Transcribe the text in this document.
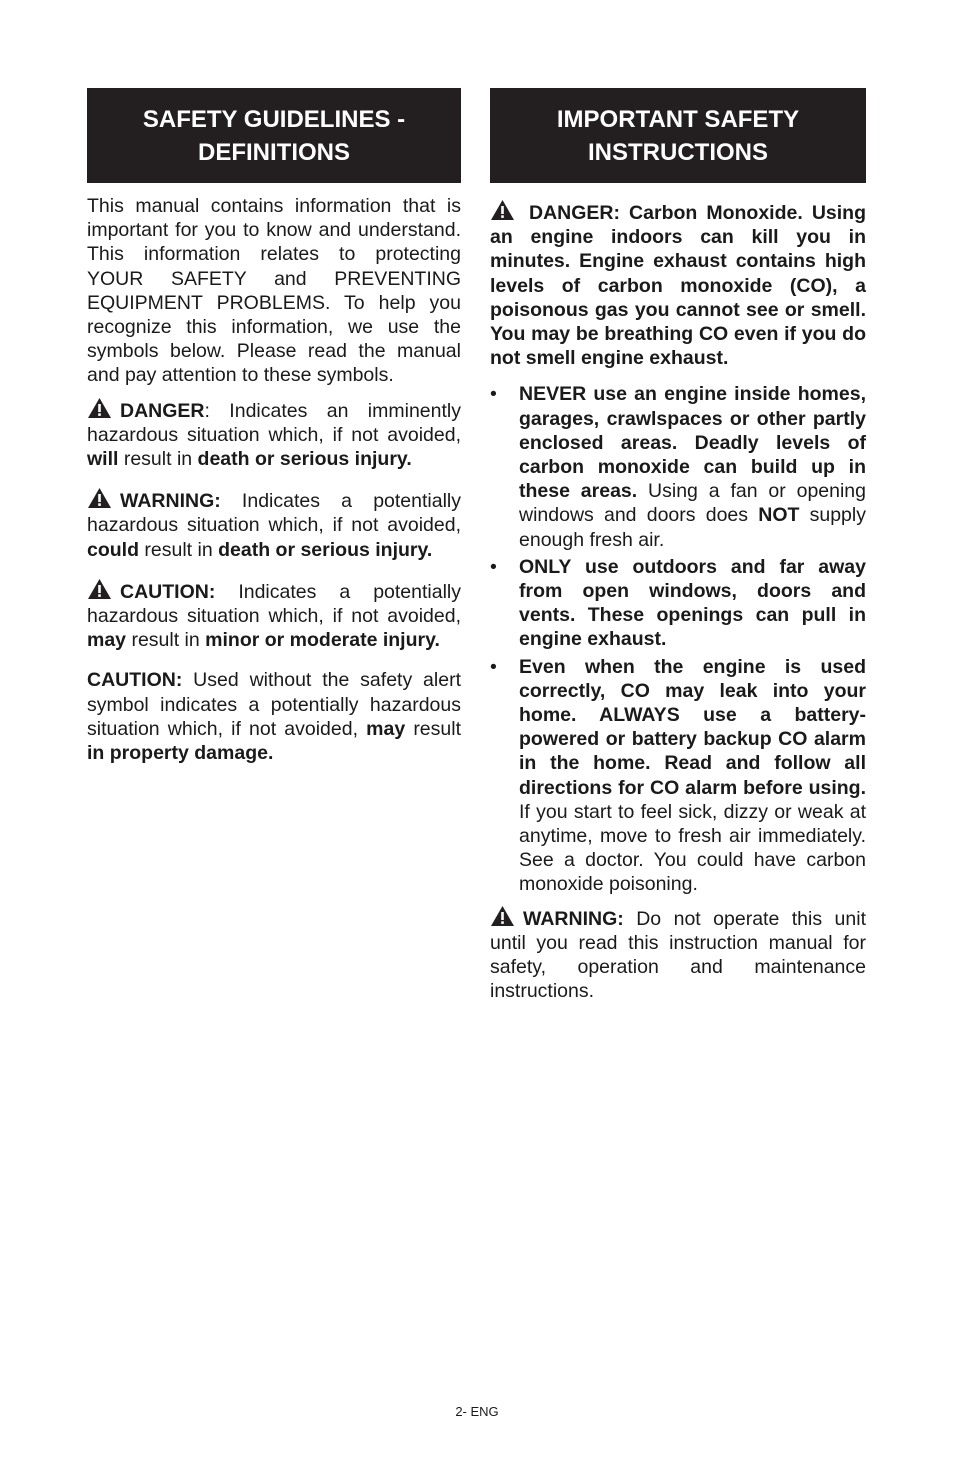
SAFETY GUIDELINES -
DEFINITIONS

This manual contains information that is important for you to know and understand. This information relates to protecting YOUR SAFETY and PREVENTING EQUIPMENT PROBLEMS. To help you recognize this information, we use the symbols below. Please read the manual and pay attention to these symbols.

DANGER: Indicates an imminently hazardous situation which, if not avoided, will result in death or serious injury.

WARNING: Indicates a potentially hazardous situation which, if not avoided, could result in death or serious injury.

CAUTION: Indicates a potentially hazardous situation which, if not avoided, may result in minor or moderate injury.

CAUTION: Used without the safety alert symbol indicates a potentially hazardous situation which, if not avoided, may result in property damage.

IMPORTANT SAFETY
INSTRUCTIONS

DANGER: Carbon Monoxide. Using an engine indoors can kill you in minutes. Engine exhaust contains high levels of carbon monoxide (CO), a poisonous gas you cannot see or smell. You may be breathing CO even if you do not smell engine exhaust.

•	NEVER use an engine inside homes, garages, crawlspaces or other partly enclosed areas. Deadly levels of carbon monoxide can build up in these areas. Using a fan or opening windows and doors does NOT supply enough fresh air.
•	ONLY use outdoors and far away from open windows, doors and vents. These openings can pull in engine exhaust.
•	Even when the engine is used correctly, CO may leak into your home. ALWAYS use a battery-powered or battery backup CO alarm in the home. Read and follow all directions for CO alarm before using. If you start to feel sick, dizzy or weak at anytime, move to fresh air immediately. See a doctor. You could have carbon monoxide poisoning.

WARNING: Do not operate this unit until you read this instruction manual for safety, operation and maintenance instructions.

2- ENG
